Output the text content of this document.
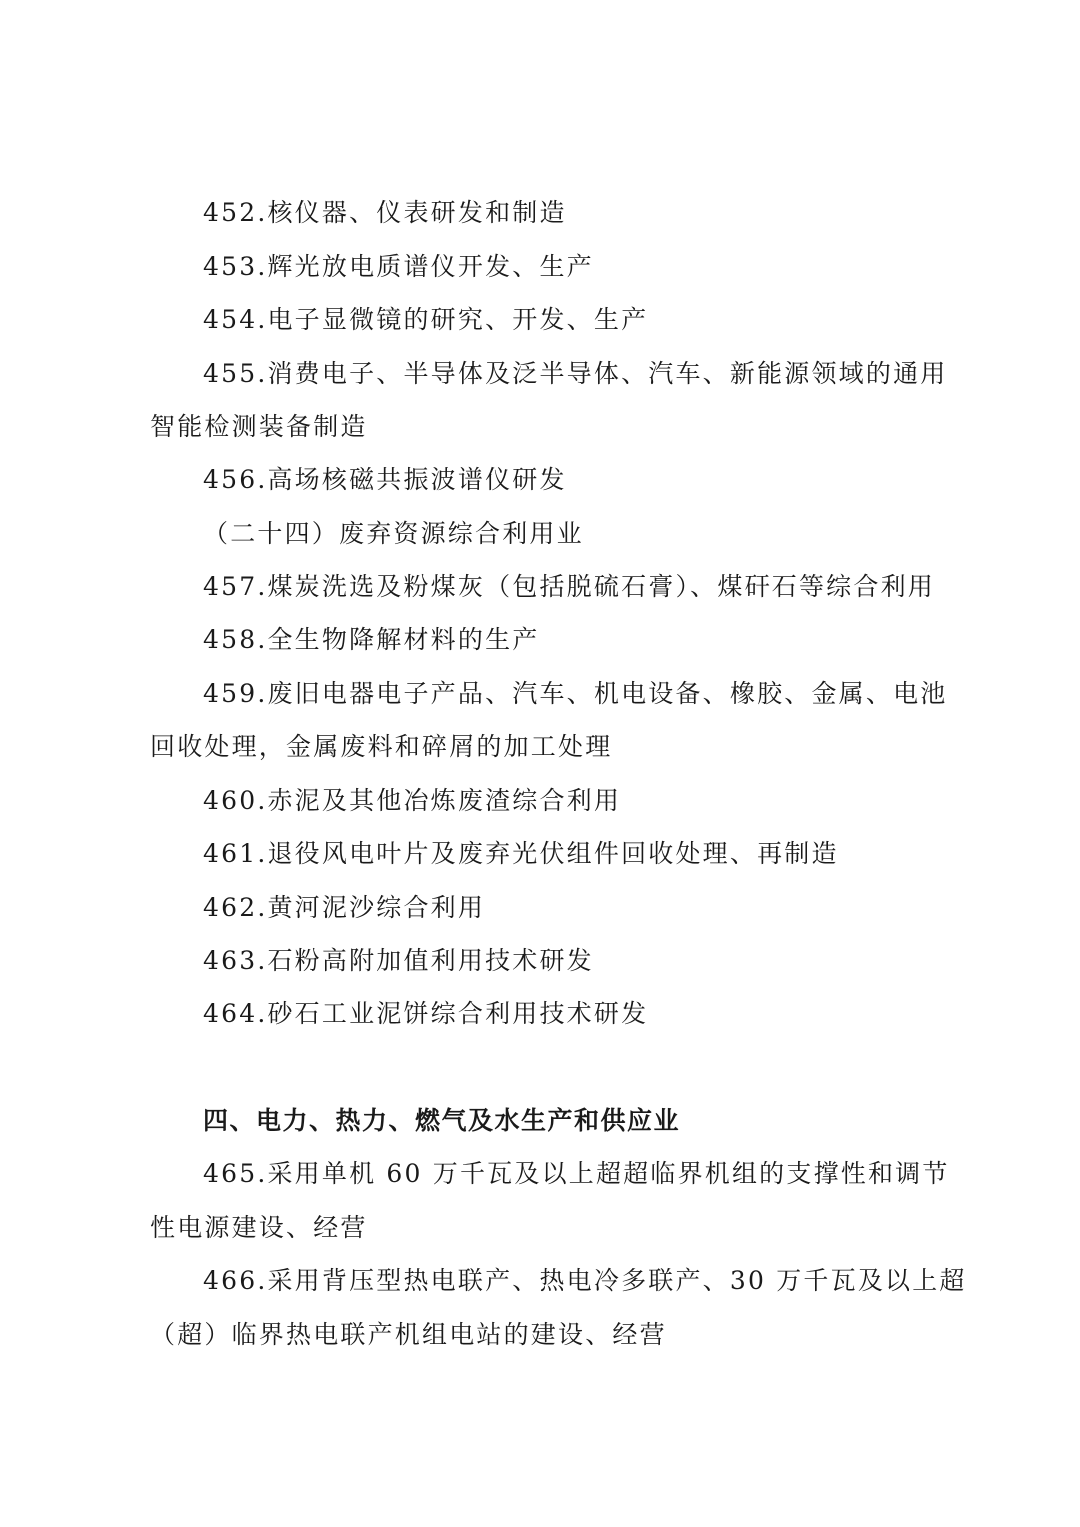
452.核仪器、仪表研发和制造
453.辉光放电质谱仪开发、生产
454.电子显微镜的研究、开发、生产
455.消费电子、半导体及泛半导体、汽车、新能源领域的通用
智能检测装备制造
456.高场核磁共振波谱仪研发
（二十四）废弃资源综合利用业
457.煤炭洗选及粉煤灰（包括脱硫石膏）、煤矸石等综合利用
458.全生物降解材料的生产
459.废旧电器电子产品、汽车、机电设备、橡胶、金属、电池
回收处理，金属废料和碎屑的加工处理
460.赤泥及其他冶炼废渣综合利用
461.退役风电叶片及废弃光伏组件回收处理、再制造
462.黄河泥沙综合利用
463.石粉高附加值利用技术研发
464.砂石工业泥饼综合利用技术研发
四、电力、热力、燃气及水生产和供应业
465.采用单机 60 万千瓦及以上超超临界机组的支撑性和调节
性电源建设、经营
466.采用背压型热电联产、热电冷多联产、30 万千瓦及以上超
（超）临界热电联产机组电站的建设、经营
